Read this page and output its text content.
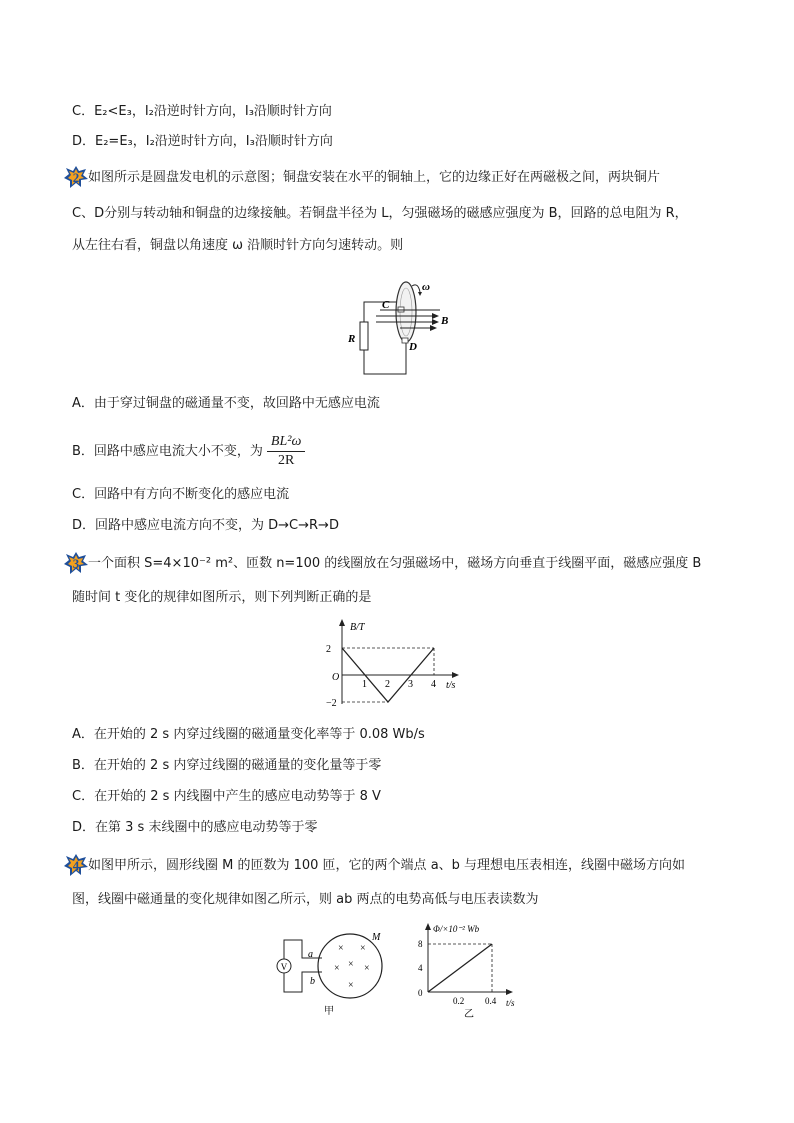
C．E₂<E₃，I₂沿逆时针方向，I₃沿顺时针方向
D．E₂=E₃，I₂沿逆时针方向，I₃沿顺时针方向
2 如图所示是圆盘发电机的示意图；铜盘安装在水平的铜轴上，它的边缘正好在两磁极之间，两块铜片
C、D分别与转动轴和铜盘的边缘接触。若铜盘半径为 L，匀强磁场的磁感应强度为 B，回路的总电阻为 R，
从左往右看，铜盘以角速度 ω 沿顺时针方向匀速转动。则
R
B
ω
C
D
A．由于穿过铜盘的磁通量不变，故回路中无感应电流
B．回路中感应电流大小不变，为 $\frac{\text{BL²ω}}{2R}$
C．回路中有方向不断变化的感应电流
D．回路中感应电流方向不变，为 D→C→R→D
3 一个面积 S=4×10⁻² m²、匝数 n=100 的线圈放在匀强磁场中，磁场方向垂直于线圈平面，磁感应强度 B
随时间 t 变化的规律如图所示，则下列判断正确的是
B/T
t/s
O
1 2 3 4
2
−2
A．在开始的 2 s 内穿过线圈的磁通量变化率等于 0.08 Wb/s
B．在开始的 2 s 内穿过线圈的磁通量的变化量等于零
C．在开始的 2 s 内线圈中产生的感应电动势等于 8 V
D．在第 3 s 末线圈中的感应电动势等于零
4 如图甲所示，圆形线圈 M 的匝数为 100 匝，它的两个端点 a、b 与理想电压表相连，线圈中磁场方向如
图，线圈中磁通量的变化规律如图乙所示，则 ab 两点的电势高低与电压表读数为
V
a
b
M
× ×
× × ×
×
甲
Φ/×10⁻² Wb
t/s
0
0.2 0.4
4
8
乙
